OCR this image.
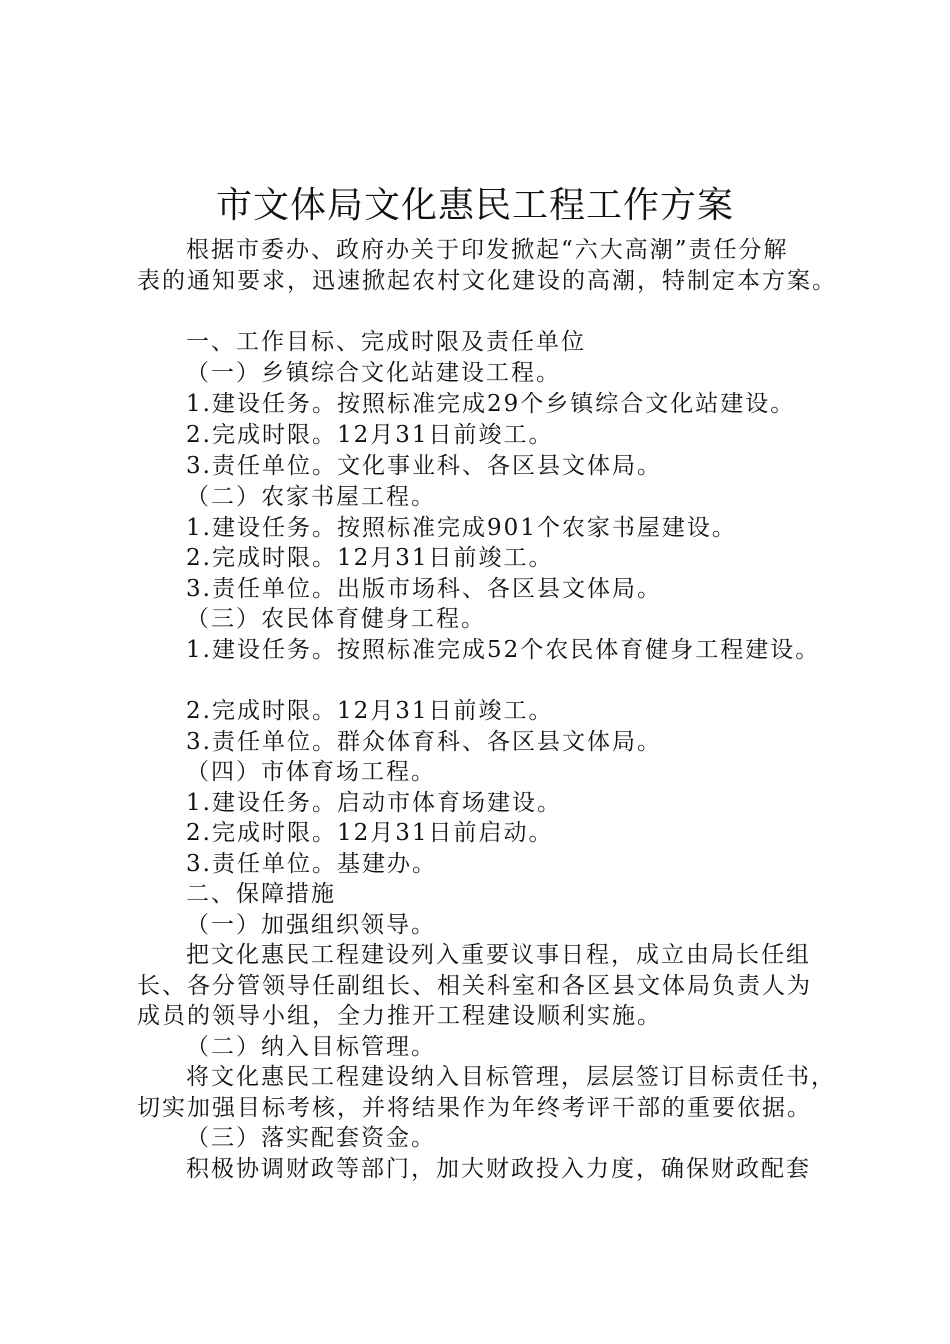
市文体局文化惠民工程工作方案

根据市委办、政府办关于印发掀起“六大高潮”责任分解

表的通知要求，迅速掀起农村文化建设的高潮，特制定本方案。

一、工作目标、完成时限及责任单位

（一）乡镇综合文化站建设工程。

1.建设任务。按照标准完成29个乡镇综合文化站建设。

2.完成时限。12月31日前竣工。

3.责任单位。文化事业科、各区县文体局。

（二）农家书屋工程。

1.建设任务。按照标准完成901个农家书屋建设。

2.完成时限。12月31日前竣工。

3.责任单位。出版市场科、各区县文体局。

（三）农民体育健身工程。

1.建设任务。按照标准完成52个农民体育健身工程建设。

2.完成时限。12月31日前竣工。

3.责任单位。群众体育科、各区县文体局。

（四）市体育场工程。

1.建设任务。启动市体育场建设。

2.完成时限。12月31日前启动。

3.责任单位。基建办。

二、保障措施

（一）加强组织领导。

把文化惠民工程建设列入重要议事日程，成立由局长任组

长、各分管领导任副组长、相关科室和各区县文体局负责人为

成员的领导小组，全力推开工程建设顺利实施。

（二）纳入目标管理。

将文化惠民工程建设纳入目标管理，层层签订目标责任书，

切实加强目标考核，并将结果作为年终考评干部的重要依据。

（三）落实配套资金。

积极协调财政等部门，加大财政投入力度，确保财政配套
